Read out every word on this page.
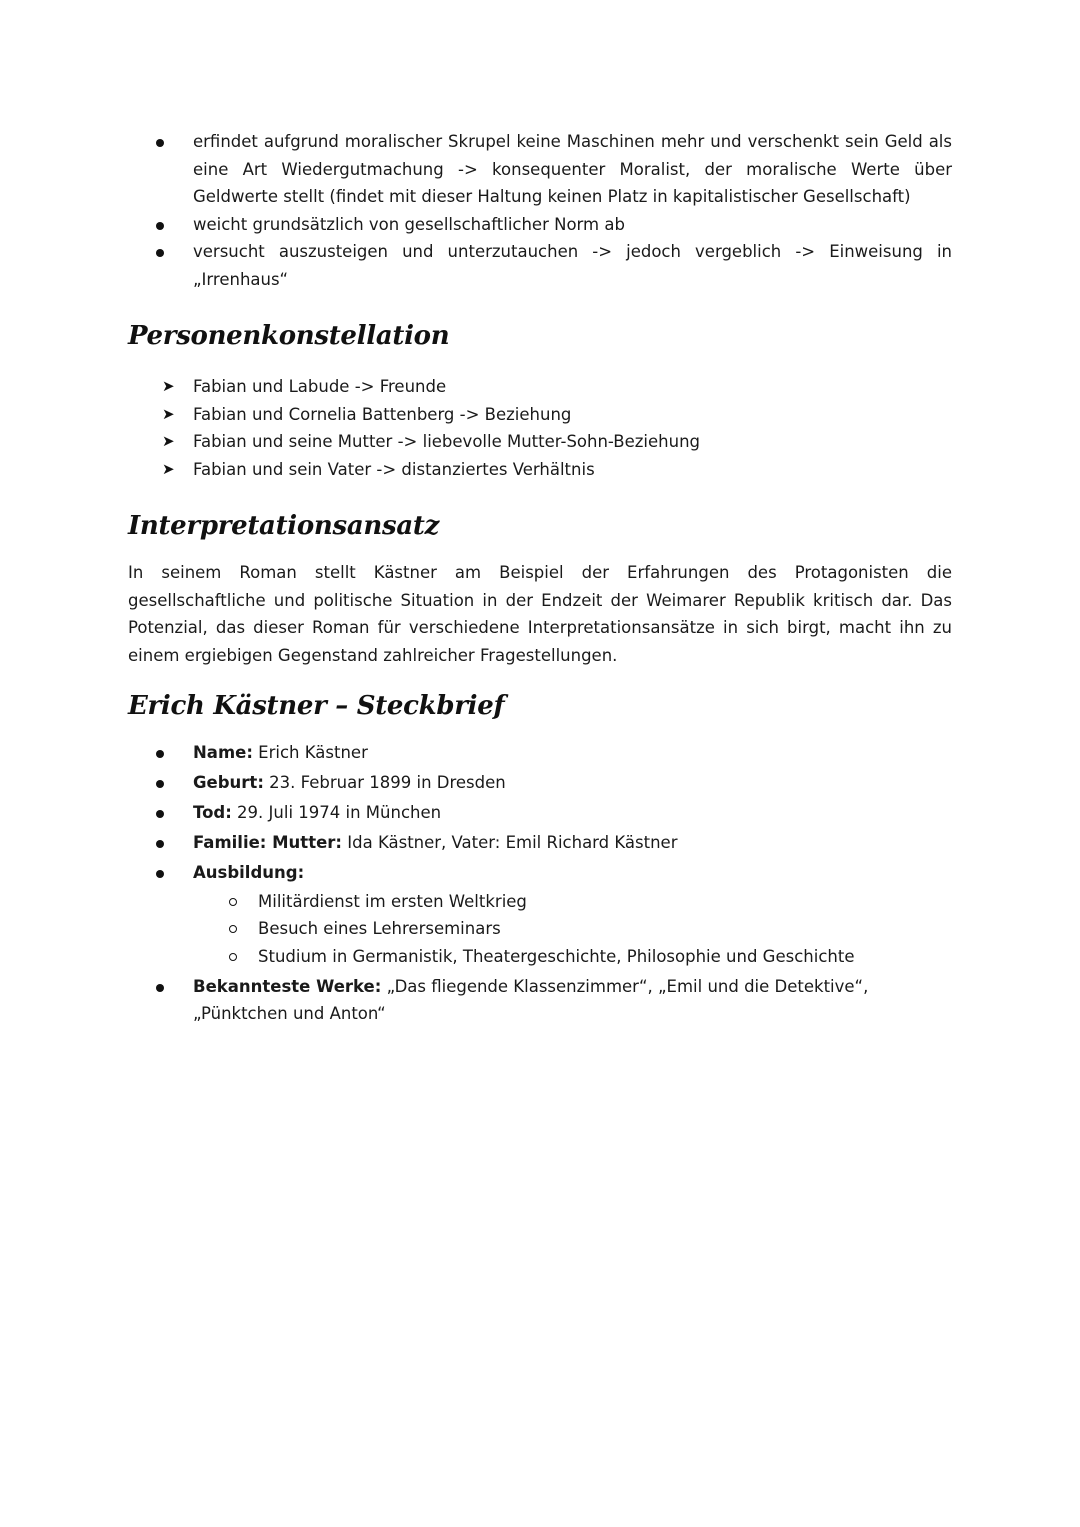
erfindet aufgrund moralischer Skrupel keine Maschinen mehr und verschenkt sein Geld als eine Art Wiedergutmachung -> konsequenter Moralist, der moralische Werte über Geldwerte stellt (findet mit dieser Haltung keinen Platz in kapitalistischer Gesellschaft)
weicht grundsätzlich von gesellschaftlicher Norm ab
versucht auszusteigen und unterzutauchen -> jedoch vergeblich -> Einweisung in „Irrenhaus“
Personenkonstellation
➤ Fabian und Labude -> Freunde
➤ Fabian und Cornelia Battenberg -> Beziehung
➤ Fabian und seine Mutter -> liebevolle Mutter-Sohn-Beziehung
➤ Fabian und sein Vater -> distanziertes Verhältnis
Interpretationsansatz

In seinem Roman stellt Kästner am Beispiel der Erfahrungen des Protagonisten die gesellschaftliche und politische Situation in der Endzeit der Weimarer Republik kritisch dar. Das Potenzial, das dieser Roman für verschiedene Interpretationsansätze in sich birgt, macht ihn zu einem ergiebigen Gegenstand zahlreicher Fragestellungen.

Erich Kästner – Steckbrief
Name: Erich Kästner
Geburt: 23. Februar 1899 in Dresden
Tod: 29. Juli 1974 in München
Familie: Mutter: Ida Kästner, Vater: Emil Richard Kästner
Ausbildung:
Militärdienst im ersten Weltkrieg
Besuch eines Lehrerseminars
Studium in Germanistik, Theatergeschichte, Philosophie und Geschichte
Bekannteste Werke: „Das fliegende Klassenzimmer“, „Emil und die Detektive“, „Pünktchen und Anton“
